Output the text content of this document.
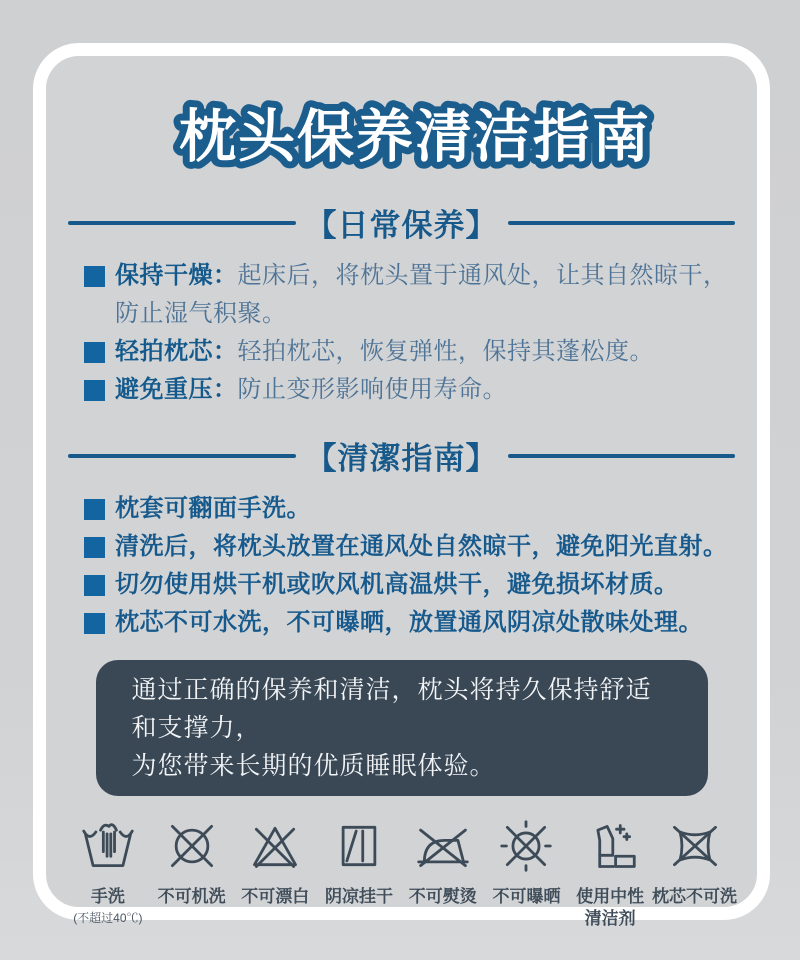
枕头保养清洁指南
【日常保养】

保持干燥：起床后，将枕头置于通风处，让其自然晾干，防止湿气积聚。

轻拍枕芯：轻拍枕芯，恢复弹性，保持其蓬松度。

避免重压：防止变形影响使用寿命。

【清潔指南】

枕套可翻面手洗。

清洗后，将枕头放置在通风处自然晾干，避免阳光直射。

切勿使用烘干机或吹风机高温烘干，避免损坏材质。

枕芯不可水洗，不可曝晒，放置通风阴凉处散味处理。

通过正确的保养和清洁，枕头将持久保持舒适和支撑力，
为您带来长期的优质睡眠体验。
手洗
(不超过40℃)
不可机洗 不可漂白 阴凉挂干 不可熨烫 不可曝晒 使用中性
清洁剂
枕芯不可洗
